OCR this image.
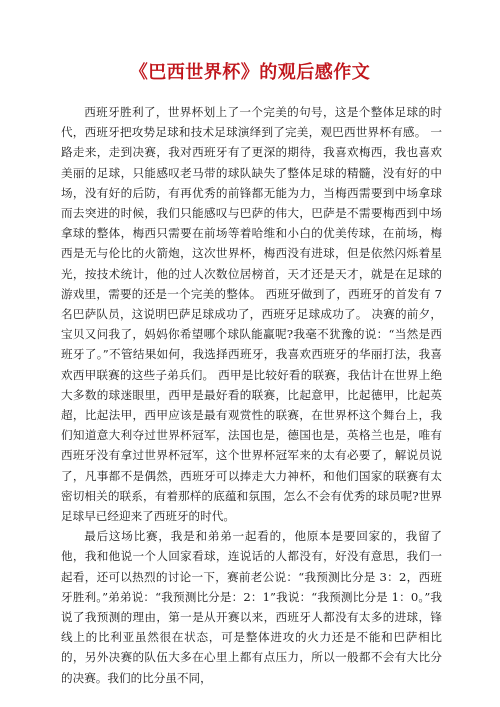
《巴西世界杯》的观后感作文

西班牙胜利了，世界杯划上了一个完美的句号，这是个整体足球的时代，西班牙把攻势足球和技术足球演绎到了完美，观巴西世界杯有感。 一路走来，走到决赛，我对西班牙有了更深的期待，我喜欢梅西，我也喜欢美丽的足球，只能感叹老马带的球队缺失了整体足球的精髓，没有好的中场，没有好的后防，有再优秀的前锋都无能为力，当梅西需要到中场拿球而去突进的时候，我们只能感叹与巴萨的伟大，巴萨是不需要梅西到中场拿球的整体，梅西只需要在前场等着哈维和小白的优美传球，在前场，梅西是无与伦比的火箭炮，这次世界杯，梅西没有进球，但是依然闪烁着星光，按技术统计，他的过人次数位居榜首，天才还是天才，就是在足球的游戏里，需要的还是一个完美的整体。 西班牙做到了，西班牙的首发有 7 名巴萨队员，这说明巴萨足球成功了，西班牙足球成功了。 决赛的前夕，宝贝又问我了，妈妈你希望哪个球队能赢呢?我毫不犹豫的说：“当然是西班牙了。”不管结果如何，我选择西班牙，我喜欢西班牙的华丽打法，我喜欢西甲联赛的这些子弟兵们。 西甲是比较好看的联赛，我估计在世界上绝大多数的球迷眼里，西甲是最好看的联赛，比起意甲，比起德甲，比起英超，比起法甲，西甲应该是最有观赏性的联赛，在世界杯这个舞台上，我们知道意大利夺过世界杯冠军，法国也是，德国也是，英格兰也是，唯有西班牙没有拿过世界杯冠军，这个世界杯冠军来的太有必要了，解说员说了，凡事都不是偶然，西班牙可以捧走大力神杯，和他们国家的联赛有太密切相关的联系，有着那样的底蕴和氛围，怎么不会有优秀的球员呢?世界足球早已经迎来了西班牙的时代。

最后这场比赛，我是和弟弟一起看的，他原本是要回家的，我留了他，我和他说一个人回家看球，连说话的人都没有，好没有意思，我们一起看，还可以热烈的讨论一下，赛前老公说：“我预测比分是 3：2，西班牙胜利。”弟弟说：“我预测比分是：2：1”我说：“我预测比分是 1：0。”我说了我预测的理由，第一是从开赛以来，西班牙人都没有太多的进球，锋线上的比利亚虽然很在状态，可是整体进攻的火力还是不能和巴萨相比的，另外决赛的队伍大多在心里上都有点压力，所以一般都不会有大比分的决赛。我们的比分虽不同，
